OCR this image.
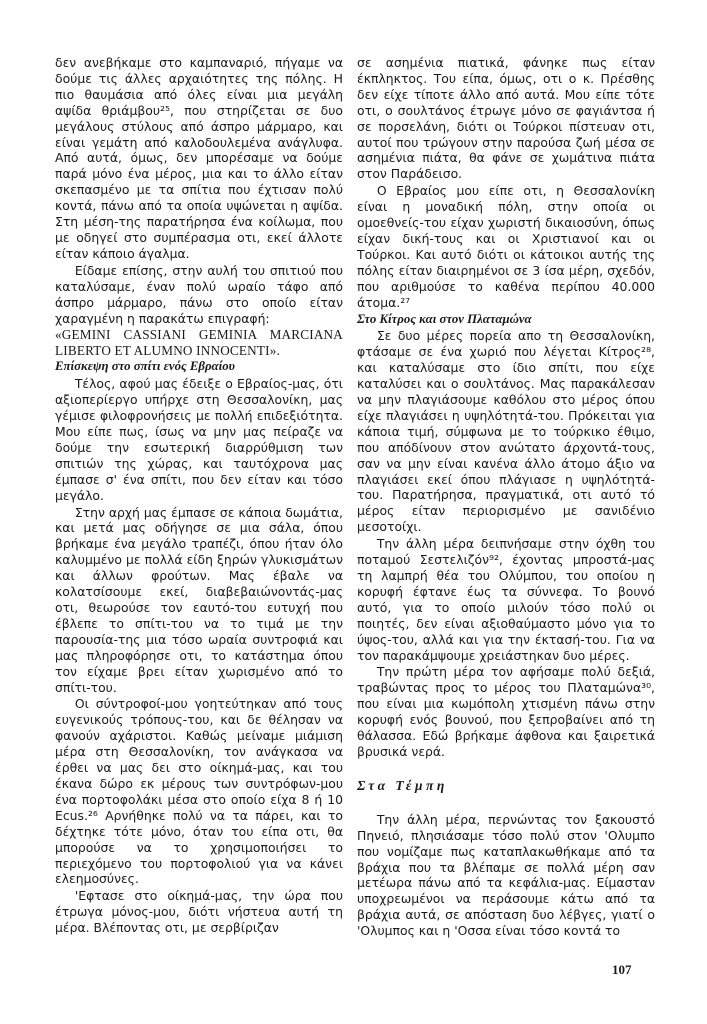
δεν ανεβήκαμε στο καμπαναριό, πήγαμε να δούμε τις άλλες αρχαιότητες της πόλης. Η πιο θαυμάσια από όλες είναι μια μεγάλη αψίδα θριάμβου²⁵, που στηρίζεται σε δυο μεγάλους στύλους από άσπρο μάρμαρο, και είναι γεμάτη από καλοδουλεμένα ανάγλυφα. Από αυτά, όμως, δεν μπορέσαμε να δούμε παρά μόνο ένα μέρος, μια και το άλλο είταν σκεπασμένο με τα σπίτια που έχτισαν πολύ κοντά, πάνω από τα οποία υψώνεται η αψίδα. Στη μέση-της παρατήρησα ένα κοίλωμα, που με οδηγεί στο συμπέρασμα οτι, εκεί άλλοτε είταν κάποιο άγαλμα.

Είδαμε επίσης, στην αυλή του σπιτιού που καταλύσαμε, έναν πολύ ωραίο τάφο από άσπρο μάρμαρο, πάνω στο οποίο είταν χαραγμένη η παρακάτω επιγραφή:

«GEMINI CASSIANI GEMINIA MARCIANA LIBERTO ET ALUMNO INNOCENTI».

Επίσκεψη στο σπίτι ενός Εβραίου

Τέλος, αφού μας έδειξε ο Εβραίος-μας, ότι αξιοπερίεργο υπήρχε στη Θεσσαλονίκη, μας γέμισε φιλοφρονήσεις με πολλή επιδεξιότητα. Μου είπε πως, ίσως να μην μας πείραζε να δούμε την εσωτερική διαρρύθμιση των σπιτιών της χώρας, και ταυτόχρονα μας έμπασε σ' ένα σπίτι, που δεν είταν και τόσο μεγάλο.

Στην αρχή μας έμπασε σε κάποια δωμάτια, και μετά μας οδήγησε σε μια σάλα, όπου βρήκαμε ένα μεγάλο τραπέζι, όπου ήταν όλο καλυμμένο με πολλά είδη ξηρών γλυκισμάτων και άλλων φρούτων. Μας έβαλε να κολατσίσουμε εκεί, διαβεβαιώνοντάς-μας οτι, θεωρούσε τον εαυτό-του ευτυχή που έβλεπε το σπίτι-του να το τιμά με την παρουσία-της μια τόσο ωραία συντροφιά και μας πληροφόρησε οτι, το κατάστημα όπου τον είχαμε βρει είταν χωρισμένο από το σπίτι-του.

Οι σύντροφοί-μου γοητεύτηκαν από τους ευγενικούς τρόπους-του, και δε θέλησαν να φανούν αχάριστοι. Καθώς μείναμε μιάμιση μέρα στη Θεσσαλονίκη, τον ανάγκασα να έρθει να μας δει στο οίκημά-μας, και του έκανα δώρο εκ μέρους των συντρόφων-μου ένα πορτοφολάκι μέσα στο οποίο είχα 8 ή 10 Ecus.²⁶ Αρνήθηκε πολύ να τα πάρει, και το δέχτηκε τότε μόνο, όταν του είπα οτι, θα μπορούσε να το χρησιμοποιήσει το περιεχόμενο του πορτοφολιού για να κάνει ελεημοσύνες.

'Εφτασε στο οίκημά-μας, την ώρα που έτρωγα μόνος-μου, διότι νήστευα αυτή τη μέρα. Βλέποντας οτι, με σερβίριζαν

σε ασημένια πιατικά, φάνηκε πως είταν έκπληκτος. Του είπα, όμως, οτι ο κ. Πρέσθης δεν είχε τίποτε άλλο από αυτά. Μου είπε τότε οτι, ο σουλτάνος έτρωγε μόνο σε φαγιάντσα ή σε πορσελάνη, διότι οι Τούρκοι πίστευαν οτι, αυτοί που τρώγουν στην παρούσα ζωή μέσα σε ασημένια πιάτα, θα φάνε σε χωμάτινα πιάτα στον Παράδεισο.

Ο Εβραίος μου είπε οτι, η Θεσσαλονίκη είναι η μοναδική πόλη, στην οποία οι ομοεθνείς-του είχαν χωριστή δικαιοσύνη, όπως είχαν δική-τους και οι Χριστιανοί και οι Τούρκοι. Και αυτό διότι οι κάτοικοι αυτής της πόλης είταν διαιρημένοι σε 3 ίσα μέρη, σχεδόν, που αριθμούσε το καθένα περίπου 40.000 άτομα.²⁷

Στο Κίτρος και στον Πλαταμώνα

Σε δυο μέρες πορεία απο τη Θεσσαλονίκη, φτάσαμε σε ένα χωριό που λέγεται Κίτρος²⁸, και καταλύσαμε στο ίδιο σπίτι, που είχε καταλύσει και ο σουλτάνος. Μας παρακάλεσαν να μην πλαγιάσουμε καθόλου στο μέρος όπου είχε πλαγιάσει η υψηλότητά-του. Πρόκειται για κάποια τιμή, σύμφωνα με το τούρκικο έθιμο, που απόδίνουν στον ανώτατο άρχοντά-τους, σαν να μην είναι κανένα άλλο άτομο άξιο να πλαγιάσει εκεί όπου πλάγιασε η υψηλότητά-του. Παρατήρησα, πραγματικά, οτι αυτό τό μέρος είταν περιορισμένο με σανιδένιο μεσοτοίχι.

Την άλλη μέρα δειπνήσαμε στην όχθη του ποταμού Σεστελιζόν⁹², έχοντας μπροστά-μας τη λαμπρή θέα του Ολύμπου, του οποίου η κορυφή έφτανε έως τα σύννεφα. Το βουνό αυτό, για το οποίο μιλούν τόσο πολύ οι ποιητές, δεν είναι αξιοθαύμαστο μόνο για το ύψος-του, αλλά και για την έκτασή-του. Για να τον παρακάμψουμε χρειάστηκαν δυο μέρες.

Την πρώτη μέρα τον αφήσαμε πολύ δεξιά, τραβώντας προς το μέρος του Πλαταμώνα³⁰, που είναι μια κωμόπολη χτισμένη πάνω στην κορυφή ενός βουνού, που ξεπροβαίνει από τη θάλασσα. Εδώ βρήκαμε άφθονα και ξαιρετικά βρυσικά νερά.

Στα Τέμπη

Την άλλη μέρα, περνώντας τον ξακουστό Πηνειό, πλησιάσαμε τόσο πολύ στον 'Ολυμπο που νομίζαμε πως καταπλακωθήκαμε από τα βράχια που τα βλέπαμε σε πολλά μέρη σαν μετέωρα πάνω από τα κεφάλια-μας. Είμασταν υποχρεωμένοι να περάσουμε κάτω από τα βράχια αυτά, σε απόσταση δυο λέβγες, γιατί ο 'Ολυμπος και η 'Οσσα είναι τόσο κοντά το

107
